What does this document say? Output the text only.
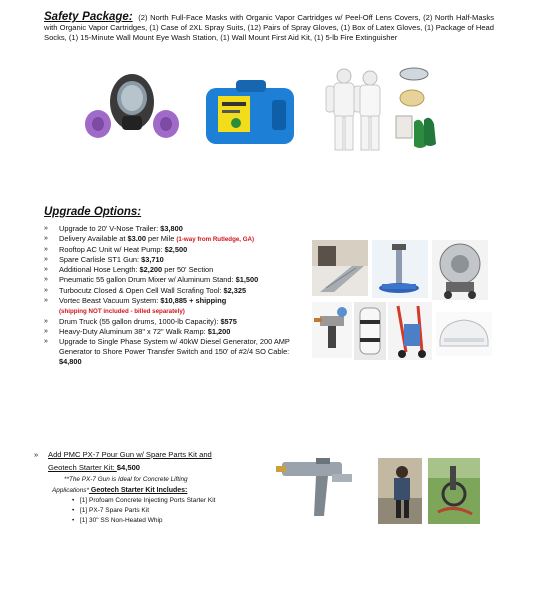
Safety Package: (2) North Full-Face Masks with Organic Vapor Cartridges w/ Peel-Off Lens Covers, (2) North Half-Masks with Organic Vapor Cartridges, (1) Case of 2XL Spray Suits, (12) Pairs of Spray Gloves, (1) Box of Latex Gloves, (1) Package of Head Socks, (1) 15-Minute Wall Mount Eye Wash Station, (1) Wall Mount First Aid Kit, (1) 5-lb Fire Extinguisher
Upgrade Options:
» Upgrade to 20' V-Nose Trailer: $3,800
» Delivery Available at $3.00 per Mile (1-way from Rutledge, GA)
» Rooftop AC Unit w/ Heat Pump: $2,500
» Spare Carlisle ST1 Gun: $3,710
» Additional Hose Length: $2,200 per 50' Section
» Pneumatic 55 gallon Drum Mixer w/ Aluminum Stand: $1,500
» Turbocutz Closed & Open Cell Wall Scrafing Tool: $2,325
» Vortec Beast Vacuum System: $10,885 + shipping
(shipping NOT included - billed separately)
» Drum Truck (55 gallon drums, 1000-lb Capacity): $575
» Heavy-Duty Aluminum 38" x 72" Walk Ramp: $1,200
» Upgrade to Single Phase System w/ 40kW Diesel Generator, 200 AMP Generator to Shore Power Transfer Switch and 150' of #2/4 SO Cable: $4,800
» Add PMC PX-7 Pour Gun w/ Spare Parts Kit and
Geotech Starter Kit: $4,500
**The PX-7 Gun is Ideal for Concrete Lifting
Applications* Geotech Starter Kit Includes:
• [1] Profoam Concrete Injecting Ports Starter Kit
• [1] PX-7 Spare Parts Kit
• [1] 30" SS Non-Heated Whip
